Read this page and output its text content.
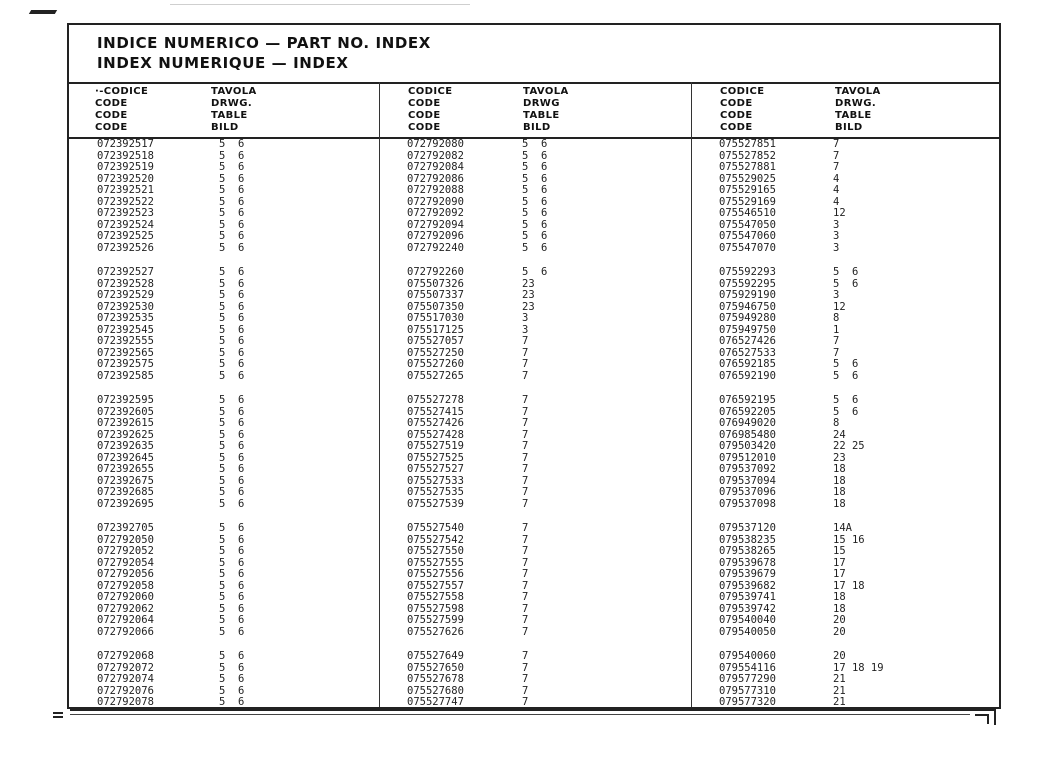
INDICE NUMERICO — PART NO. INDEX
INDEX NUMERIQUE — INDEX
·-CODICE
CODE
CODE
CODE
TAVOLA
DRWG.
TABLE
BILD
CODICE
CODE
CODE
CODE
TAVOLA
DRWG
TABLE
BILD
CODICE
CODE
CODE
CODE
TAVOLA
DRWG.
TABLE
BILD
072392517	5  6
072392518	5  6
072392519	5  6
072392520	5  6
072392521	5  6
072392522	5  6
072392523	5  6
072392524	5  6
072392525	5  6
072392526	5  6
072392527	5  6
072392528	5  6
072392529	5  6
072392530	5  6
072392535	5  6
072392545	5  6
072392555	5  6
072392565	5  6
072392575	5  6
072392585	5  6
072392595	5  6
072392605	5  6
072392615	5  6
072392625	5  6
072392635	5  6
072392645	5  6
072392655	5  6
072392675	5  6
072392685	5  6
072392695	5  6
072392705	5  6
072792050	5  6
072792052	5  6
072792054	5  6
072792056	5  6
072792058	5  6
072792060	5  6
072792062	5  6
072792064	5  6
072792066	5  6
072792068	5  6
072792072	5  6
072792074	5  6
072792076	5  6
072792078	5  6
072792080	5  6
072792082	5  6
072792084	5  6
072792086	5  6
072792088	5  6
072792090	5  6
072792092	5  6
072792094	5  6
072792096	5  6
072792240	5  6
072792260	5  6
075507326	23
075507337	23
075507350	23
075517030	3
075517125	3
075527057	7
075527250	7
075527260	7
075527265	7
075527278	7
075527415	7
075527426	7
075527428	7
075527519	7
075527525	7
075527527	7
075527533	7
075527535	7
075527539	7
075527540	7
075527542	7
075527550	7
075527555	7
075527556	7
075527557	7
075527558	7
075527598	7
075527599	7
075527626	7
075527649	7
075527650	7
075527678	7
075527680	7
075527747	7
075527851	7
075527852	7
075527881	7
075529025	4
075529165	4
075529169	4
075546510	12
075547050	3
075547060	3
075547070	3
075592293	5  6
075592295	5  6
075929190	3
075946750	12
075949280	8
075949750	1
076527426	7
076527533	7
076592185	5  6
076592190	5  6
076592195	5  6
076592205	5  6
076949020	8
076985480	24
079503420	22 25
079512010	23
079537092	18
079537094	18
079537096	18
079537098	18
079537120	14A
079538235	15 16
079538265	15
079539678	17
079539679	17
079539682	17 18
079539741	18
079539742	18
079540040	20
079540050	20
079540060	20
079554116	17 18 19
079577290	21
079577310	21
079577320	21
